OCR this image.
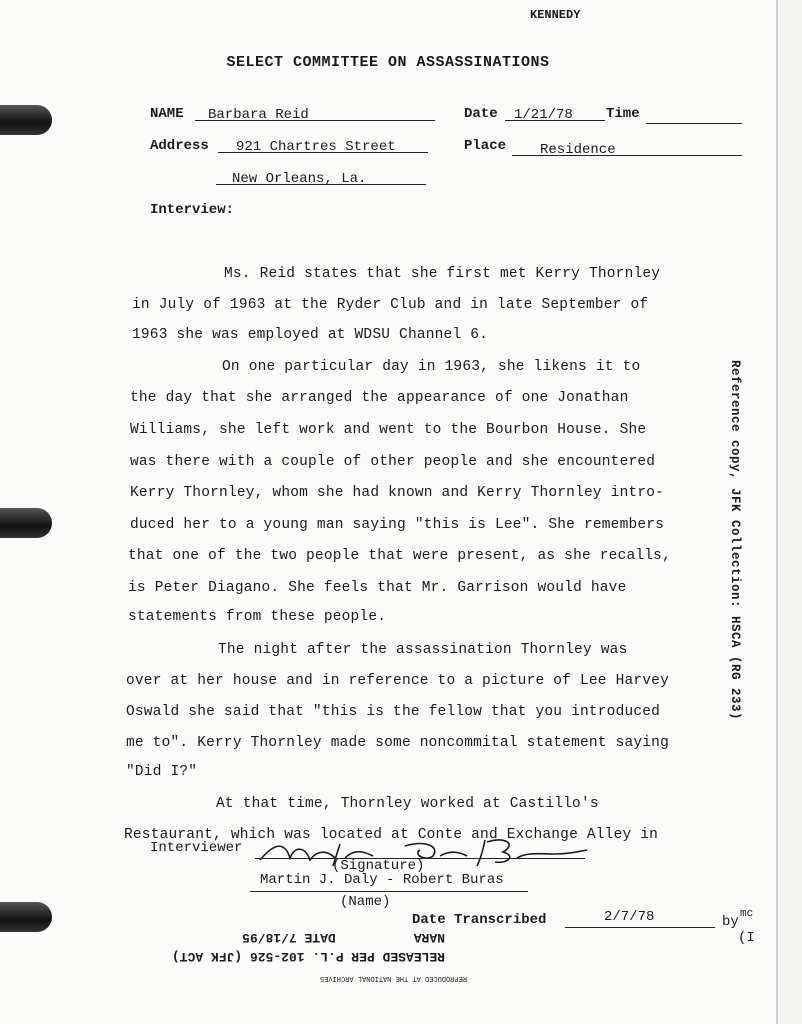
KENNEDY
SELECT COMMITTEE ON ASSASSINATIONS
NAME Barbara Reid	Date 1/21/78 Time
Address 921 Chartres Street	Place Residence
New Orleans, La.
Interview:
Ms. Reid states that she first met Kerry Thornley
in July of 1963 at the Ryder Club and in late September of
1963 she was employed at WDSU Channel 6.
On one particular day in 1963, she likens it to
the day that she arranged the appearance of one Jonathan
Williams, she left work and went to the Bourbon House. She
was there with a couple of other people and she encountered
Kerry Thornley, whom she had known and Kerry Thornley intro-
duced her to a young man saying "this is Lee". She remembers
that one of the two people that were present, as she recalls,
is Peter Diagano. She feels that Mr. Garrison would have
statements from these people.
The night after the assassination Thornley was
over at her house and in reference to a picture of Lee Harvey
Oswald she said that "this is the fellow that you introduced
me to". Kerry Thornley made some noncommital statement saying
"Did I?"
At that time, Thornley worked at Castillo's
Restaurant, which was located at Conte and Exchange Alley in
Interviewer
(Signature)
Martin J. Daly - Robert Buras
(Name)
Date Transcribed	2/7/78	by mc
(I
RELEASED PER P.L. 102-526 (JFK ACT)
NARA          DATE 7/18/95
REPRODUCED AT THE NATIONAL ARCHIVES
Reference copy, JFK Collection: HSCA (RG 233)
